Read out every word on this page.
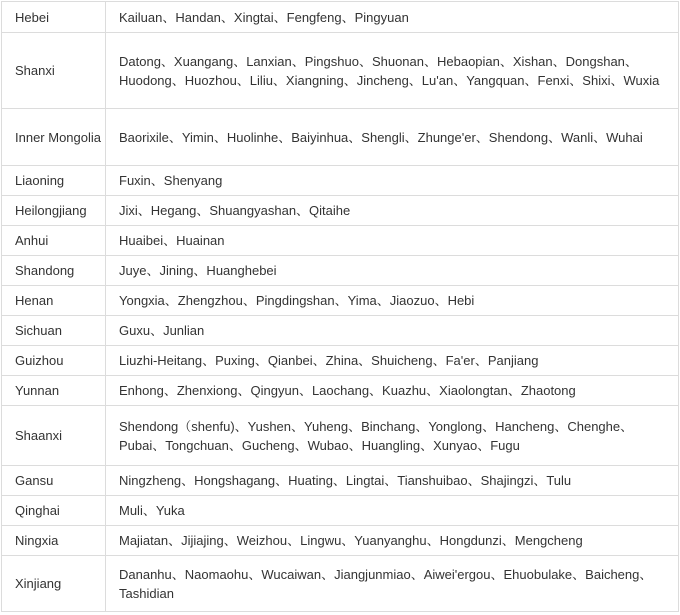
Hebei	Kailuan、Handan、Xingtai、Fengfeng、Pingyuan
Shanxi	Datong、Xuangang、Lanxian、Pingshuo、Shuonan、Hebaopian、Xishan、Dongshan、Huodong、Huozhou、Liliu、Xiangning、Jincheng、Lu'an、Yangquan、Fenxi、Shixi、Wuxia
Inner Mongolia	Baorixile、Yimin、Huolinhe、Baiyinhua、Shengli、Zhunge'er、Shendong、Wanli、Wuhai
Liaoning	Fuxin、Shenyang
Heilongjiang	Jixi、Hegang、Shuangyashan、Qitaihe
Anhui	Huaibei、Huainan
Shandong	Juye、Jining、Huanghebei
Henan	Yongxia、Zhengzhou、Pingdingshan、Yima、Jiaozuo、Hebi
Sichuan	Guxu、Junlian
Guizhou	Liuzhi-Heitang、Puxing、Qianbei、Zhina、Shuicheng、Fa'er、Panjiang
Yunnan	Enhong、Zhenxiong、Qingyun、Laochang、Kuazhu、Xiaolongtan、Zhaotong
Shaanxi	Shendong（shenfu)、Yushen、Yuheng、Binchang、Yonglong、Hancheng、Chenghe、Pubai、Tongchuan、Gucheng、Wubao、Huangling、Xunyao、Fugu
Gansu	Ningzheng、Hongshagang、Huating、Lingtai、Tianshuibao、Shajingzi、Tulu
Qinghai	Muli、Yuka
Ningxia	Majiatan、Jijiajing、Weizhou、Lingwu、Yuanyanghu、Hongdunzi、Mengcheng
Xinjiang	Dananhu、Naomaohu、Wucaiwan、Jiangjunmiao、Aiwei'ergou、Ehuobulake、Baicheng、Tashidian
